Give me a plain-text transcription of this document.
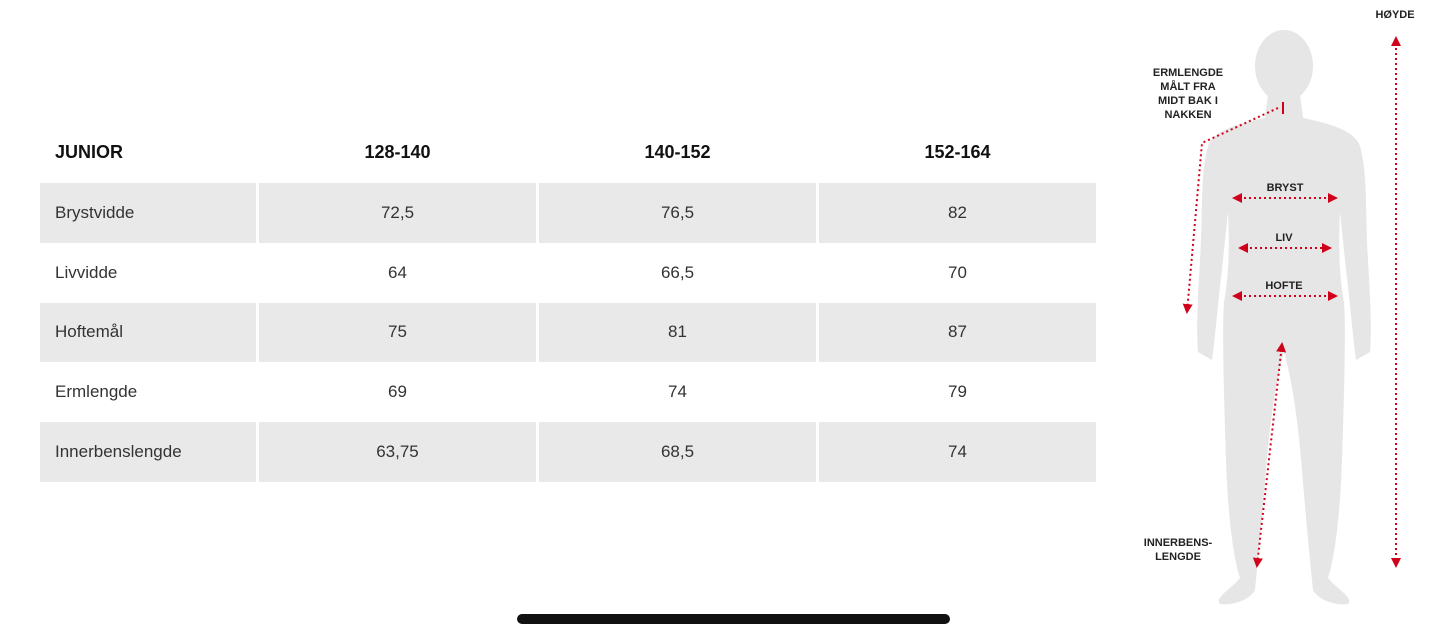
JUNIOR	128-140	140-152	152-164
Brystvidde	72,5	76,5	82
Livvidde	64	66,5	70
Hoftemål	75	81	87
Ermlengde	69	74	79
Innerbenslengde	63,75	68,5	74
HØYDE
ERMLENGDE
MÅLT FRA
MIDT BAK I
NAKKEN
BRYST
LIV
HOFTE
INNERBENS-
LENGDE
